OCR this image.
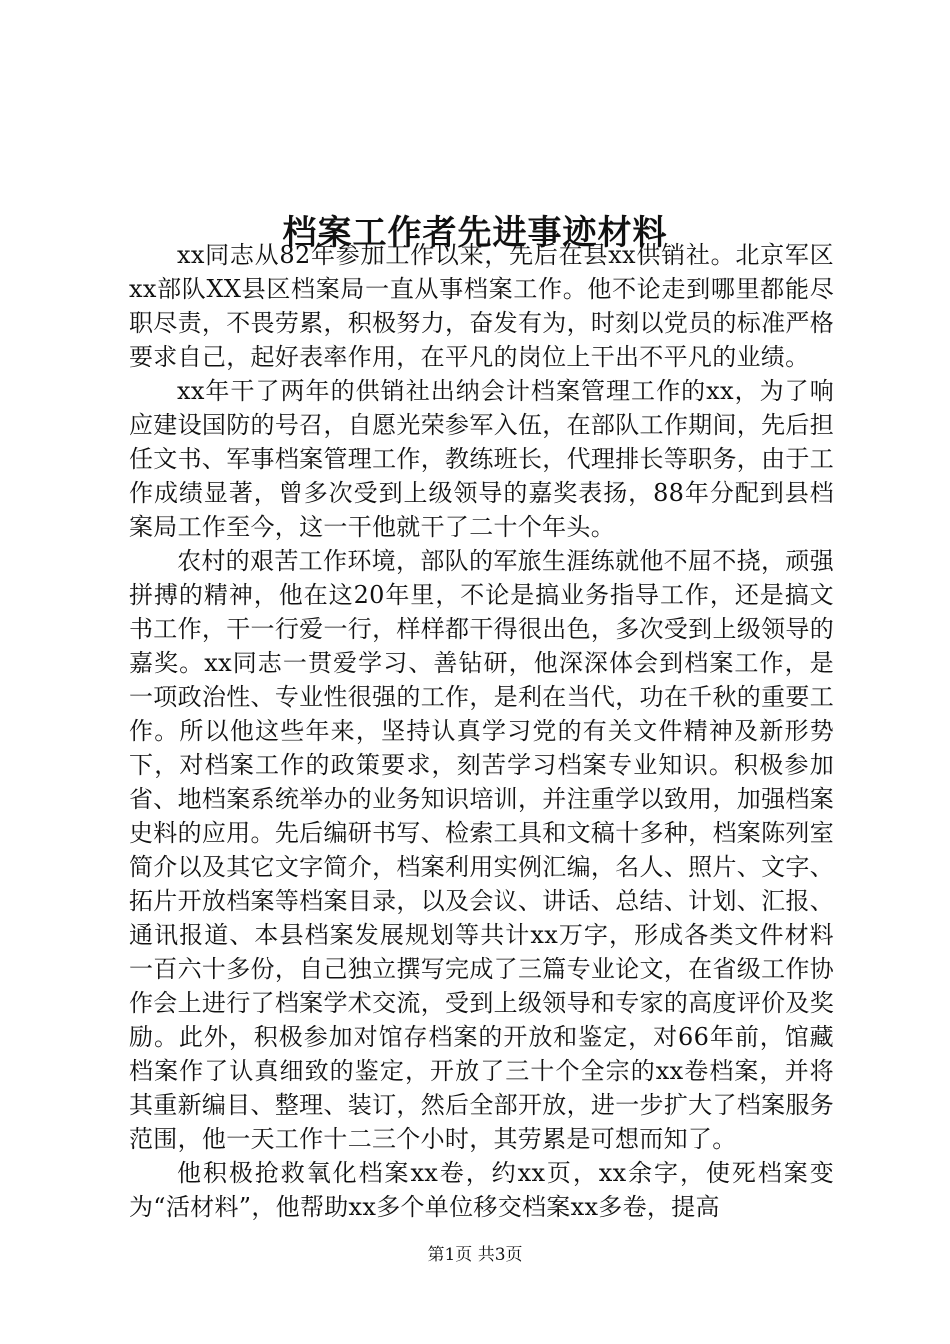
档案工作者先进事迹材料

xx同志从82年参加工作以来，先后在县xx供销社。北京军区xx部队XX县区档案局一直从事档案工作。他不论走到哪里都能尽职尽责，不畏劳累，积极努力，奋发有为，时刻以党员的标准严格要求自己，起好表率作用，在平凡的岗位上干出不平凡的业绩。

xx年干了两年的供销社出纳会计档案管理工作的xx，为了响应建设国防的号召，自愿光荣参军入伍，在部队工作期间，先后担任文书、军事档案管理工作，教练班长，代理排长等职务，由于工作成绩显著，曾多次受到上级领导的嘉奖表扬，88年分配到县档案局工作至今，这一干他就干了二十个年头。

农村的艰苦工作环境，部队的军旅生涯练就他不屈不挠，顽强拼搏的精神，他在这20年里，不论是搞业务指导工作，还是搞文书工作，干一行爱一行，样样都干得很出色，多次受到上级领导的嘉奖。xx同志一贯爱学习、善钻研，他深深体会到档案工作，是一项政治性、专业性很强的工作，是利在当代，功在千秋的重要工作。所以他这些年来，坚持认真学习党的有关文件精神及新形势下，对档案工作的政策要求，刻苦学习档案专业知识。积极参加省、地档案系统举办的业务知识培训，并注重学以致用，加强档案史料的应用。先后编研书写、检索工具和文稿十多种，档案陈列室简介以及其它文字简介，档案利用实例汇编，名人、照片、文字、拓片开放档案等档案目录，以及会议、讲话、总结、计划、汇报、通讯报道、本县档案发展规划等共计xx万字，形成各类文件材料一百六十多份，自己独立撰写完成了三篇专业论文，在省级工作协作会上进行了档案学术交流，受到上级领导和专家的高度评价及奖励。此外，积极参加对馆存档案的开放和鉴定，对66年前，馆藏档案作了认真细致的鉴定，开放了三十个全宗的xx卷档案，并将其重新编目、整理、装订，然后全部开放，进一步扩大了档案服务范围，他一天工作十二三个小时，其劳累是可想而知了。

他积极抢救氧化档案xx卷，约xx页，xx余字，使死档案变为“活材料”，他帮助xx多个单位移交档案xx多卷，提高

第1页 共3页
